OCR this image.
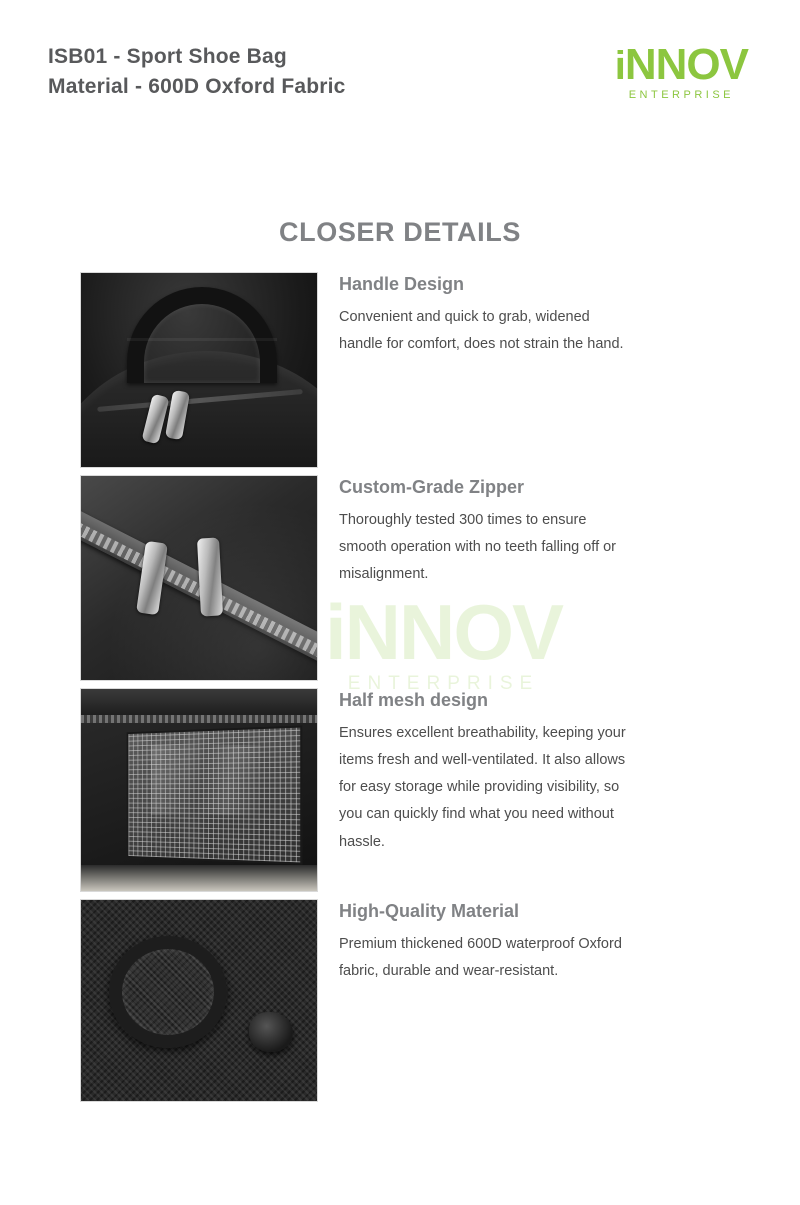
ISB01 - Sport Shoe Bag
Material - 600D Oxford Fabric	iNNOV
ENTERPRISE
CLOSER DETAILS
iNNOV
ENTERPRISE
Handle Design
Convenient and quick to grab, widened handle for comfort, does not strain the hand.
Custom-Grade Zipper
Thoroughly tested 300 times to ensure smooth operation with no teeth falling off or misalignment.
Half mesh design
Ensures excellent breathability, keeping your items fresh and well-ventilated. It also allows for easy storage while providing visibility, so you can quickly find what you need without hassle.
High-Quality Material
Premium thickened 600D waterproof Oxford fabric, durable and wear-resistant.
